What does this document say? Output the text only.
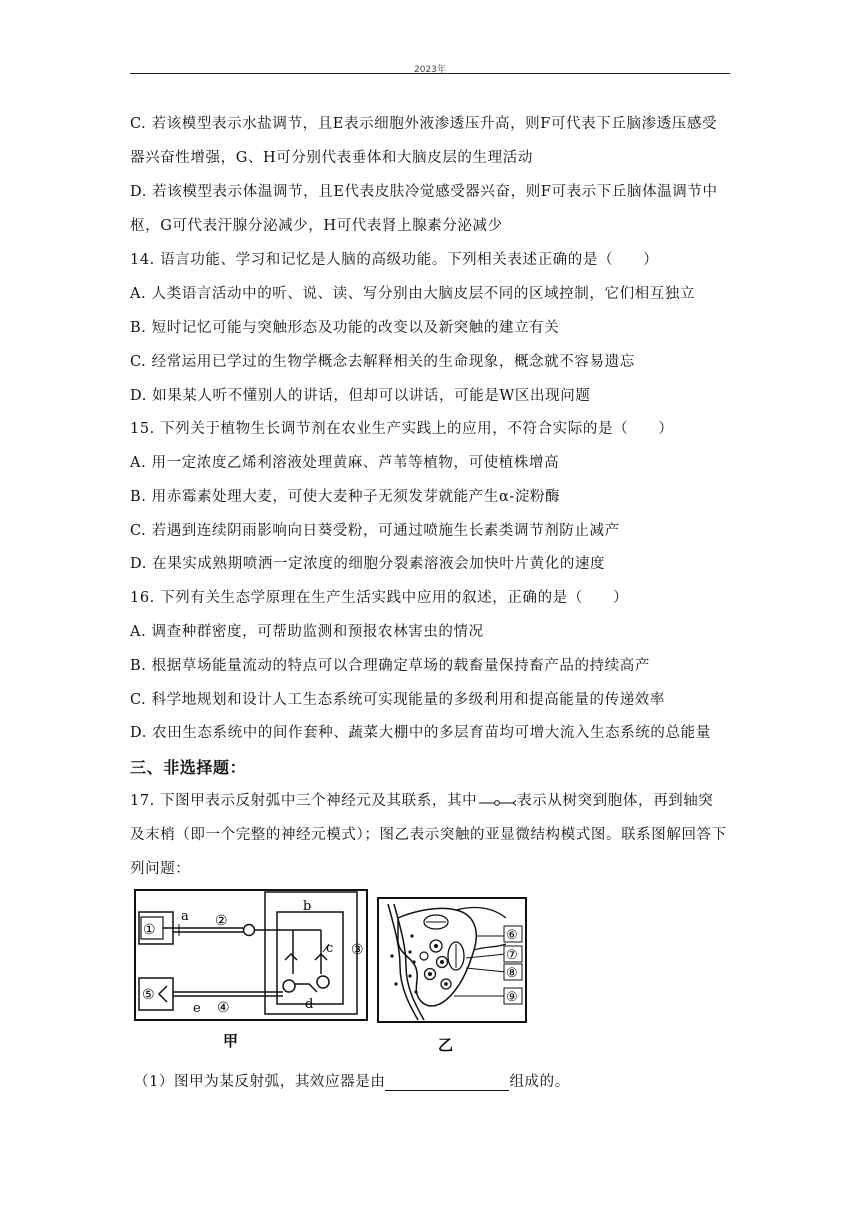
2023年
C. 若该模型表示水盐调节，且E表示细胞外液渗透压升高，则F可代表下丘脑渗透压感受
器兴奋性增强，G、H可分别代表垂体和大脑皮层的生理活动
D. 若该模型表示体温调节，且E代表皮肤冷觉感受器兴奋，则F可表示下丘脑体温调节中
枢，G可代表汗腺分泌减少，H可代表肾上腺素分泌减少
14. 语言功能、学习和记忆是人脑的高级功能。下列相关表述正确的是（　　）
A. 人类语言活动中的听、说、读、写分别由大脑皮层不同的区域控制，它们相互独立
B. 短时记忆可能与突触形态及功能的改变以及新突触的建立有关
C. 经常运用已学过的生物学概念去解释相关的生命现象，概念就不容易遗忘
D. 如果某人听不懂别人的讲话，但却可以讲话，可能是W区出现问题
15. 下列关于植物生长调节剂在农业生产实践上的应用，不符合实际的是（　　）
A. 用一定浓度乙烯利溶液处理黄麻、芦苇等植物，可使植株增高
B. 用赤霉素处理大麦，可使大麦种子无须发芽就能产生α-淀粉酶
C. 若遇到连续阴雨影响向日葵受粉，可通过喷施生长素类调节剂防止减产
D. 在果实成熟期喷洒一定浓度的细胞分裂素溶液会加快叶片黄化的速度
16. 下列有关生态学原理在生产生活实践中应用的叙述，正确的是（　　）
A. 调查种群密度，可帮助监测和预报农林害虫的情况
B. 根据草场能量流动的特点可以合理确定草场的载畜量保持畜产品的持续高产
C. 科学地规划和设计人工生态系统可实现能量的多级利用和提高能量的传递效率
D. 农田生态系统中的间作套种、蔬菜大棚中的多层育苗均可增大流入生态系统的总能量
三、非选择题：
17. 下图甲表示反射弧中三个神经元及其联系，其中	表示从树突到胞体，再到轴突
及末梢（即一个完整的神经元模式）；图乙表示突触的亚显微结构模式图。联系图解回答下
列问题：
①
a ②
b
c
d
③
e ④
⑤
甲
⑥
⑦
⑧
⑨
乙
（1）图甲为某反射弧，其效应器是由	组成的。
